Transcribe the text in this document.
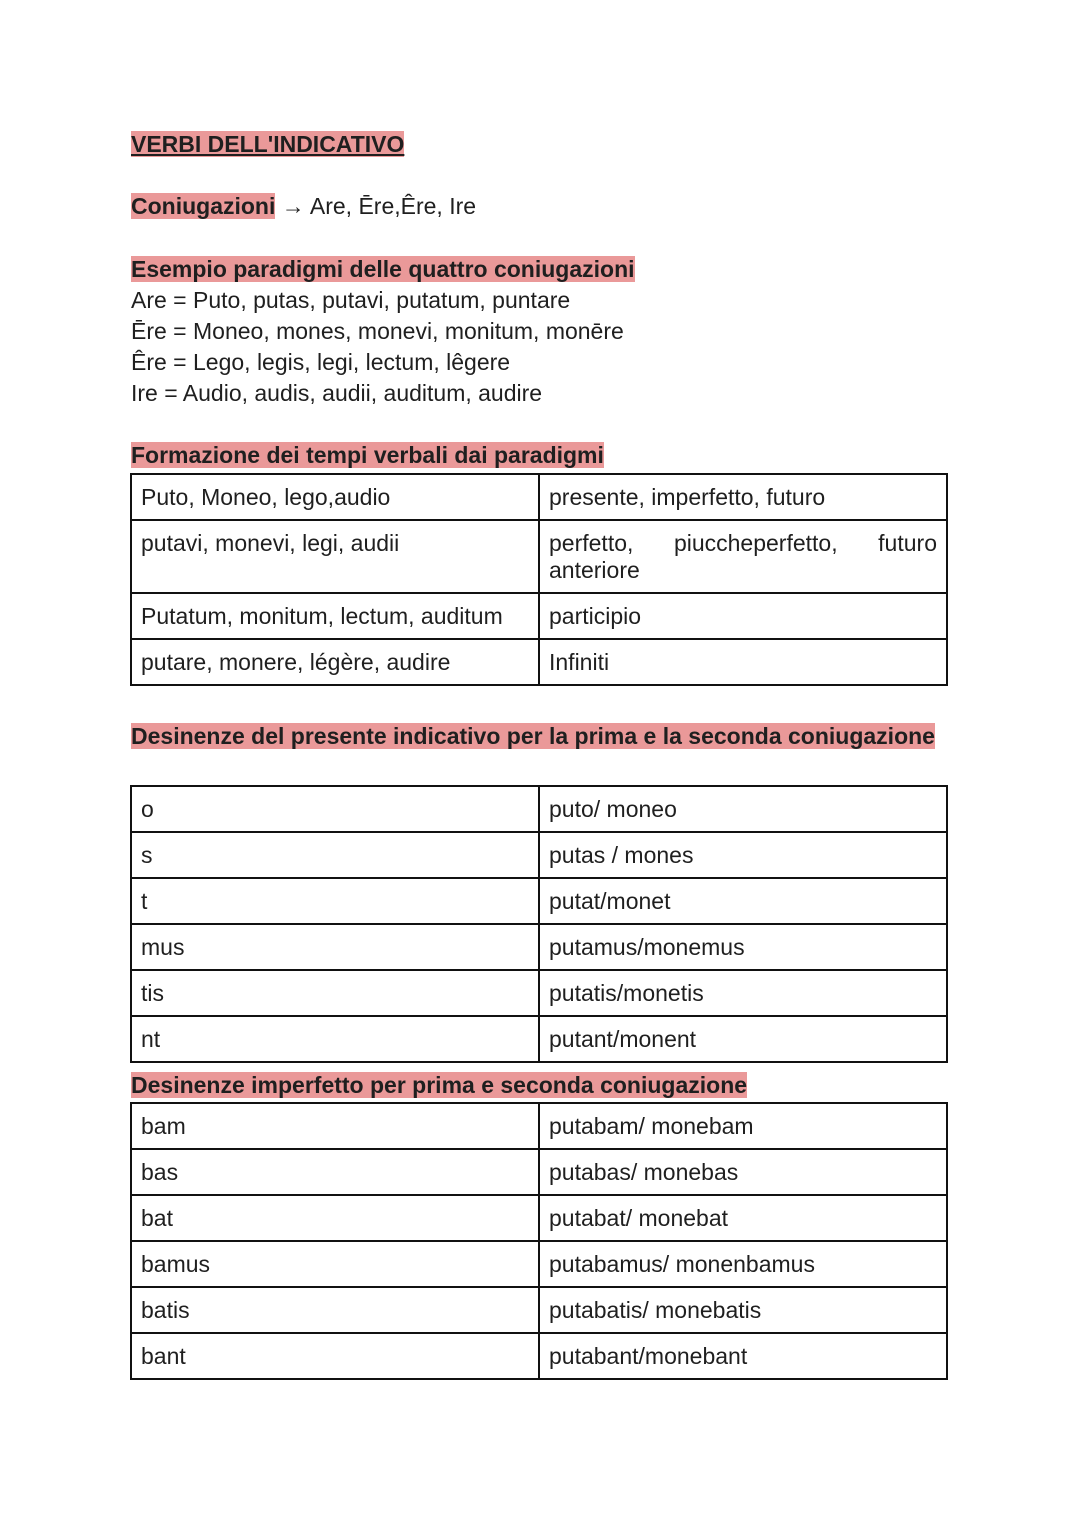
VERBI DELL'INDICATIVO
Coniugazioni → Are, Ēre,Êre, Ire
Esempio paradigmi delle quattro coniugazioni
Are = Puto, putas, putavi, putatum, puntare
Ēre = Moneo, mones, monevi, monitum, monēre
Êre = Lego, legis, legi, lectum, lêgere
Ire = Audio, audis, audii, auditum, audire
Formazione dei tempi verbali dai paradigmi
Puto, Moneo, lego,audio	presente, imperfetto, futuro
putavi, monevi, legi, audii	perfetto, piuccheperfetto, futuro anteriore
Putatum, monitum, lectum, auditum	participio
putare, monere, légère, audire	Infiniti
Desinenze del presente indicativo per la prima e la seconda coniugazione
o	puto/ moneo
s	putas / mones
t	putat/monet
mus	putamus/monemus
tis	putatis/monetis
nt	putant/monent
Desinenze imperfetto per prima e seconda coniugazione
bam	putabam/ monebam
bas	putabas/ monebas
bat	putabat/ monebat
bamus	putabamus/ monenbamus
batis	putabatis/ monebatis
bant	putabant/monebant
